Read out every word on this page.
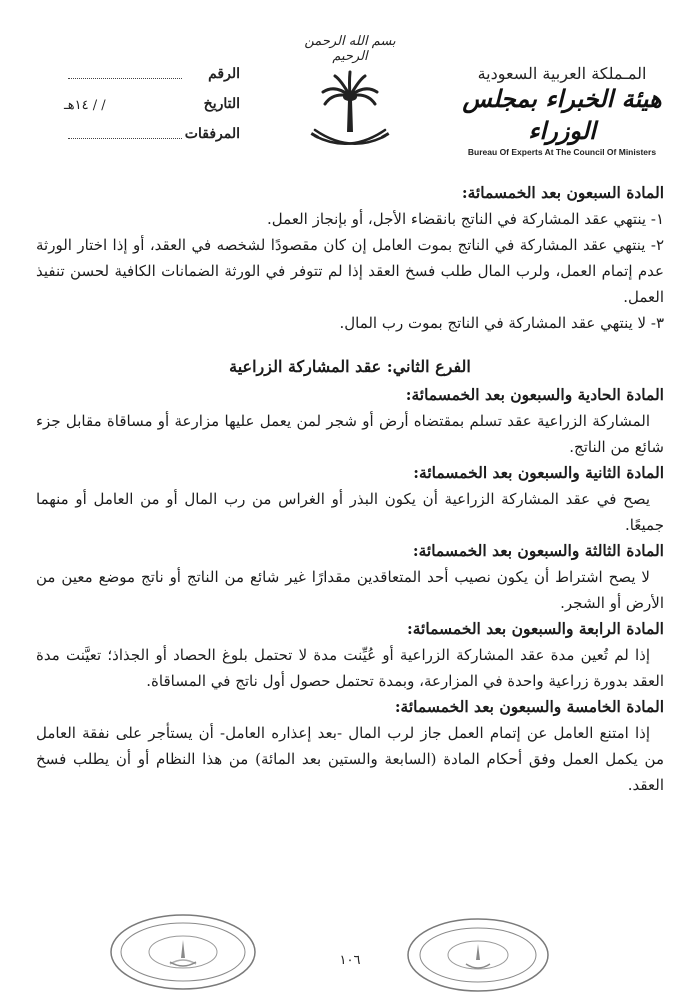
المـملكة العربية السعودية
هيئة الخبراء بمجلس الوزراء
Bureau Of Experts At The Council Of Ministers
بسم الله الرحمن الرحيم
الرقم
التاريخ
١٤هـ / /
المرفقات

المادة السبعون بعد الخمسمائة:

١- ينتهي عقد المشاركة في الناتج بانقضاء الأجل، أو بإنجاز العمل.

٢- ينتهي عقد المشاركة في الناتج بموت العامل إن كان مقصودًا لشخصه في العقد، أو إذا اختار الورثة عدم إتمام العمل، ولرب المال طلب فسخ العقد إذا لم تتوفر في الورثة الضمانات الكافية لحسن تنفيذ العمل.

٣- لا ينتهي عقد المشاركة في الناتج بموت رب المال.

الفرع الثاني: عقد المشاركة الزراعية

المادة الحادية والسبعون بعد الخمسمائة:

المشاركة الزراعية عقد تسلم بمقتضاه أرض أو شجر لمن يعمل عليها مزارعة أو مساقاة مقابل جزء شائع من الناتج.

المادة الثانية والسبعون بعد الخمسمائة:

يصح في عقد المشاركة الزراعية أن يكون البذر أو الغراس من رب المال أو من العامل أو منهما جميعًا.

المادة الثالثة والسبعون بعد الخمسمائة:

لا يصح اشتراط أن يكون نصيب أحد المتعاقدين مقدارًا غير شائع من الناتج أو ناتج موضع معين من الأرض أو الشجر.

المادة الرابعة والسبعون بعد الخمسمائة:

إذا لم تُعين مدة عقد المشاركة الزراعية أو عُيِّنت مدة لا تحتمل بلوغ الحصاد أو الجذاذ؛ تعيَّنت مدة العقد بدورة زراعية واحدة في المزارعة، وبمدة تحتمل حصول أول ناتج في المساقاة.

المادة الخامسة والسبعون بعد الخمسمائة:

إذا امتنع العامل عن إتمام العمل جاز لرب المال -بعد إعذاره العامل- أن يستأجر على نفقة العامل من يكمل العمل وفق أحكام المادة (السابعة والستين بعد المائة) من هذا النظام أو أن يطلب فسخ العقد.

١٠٦
